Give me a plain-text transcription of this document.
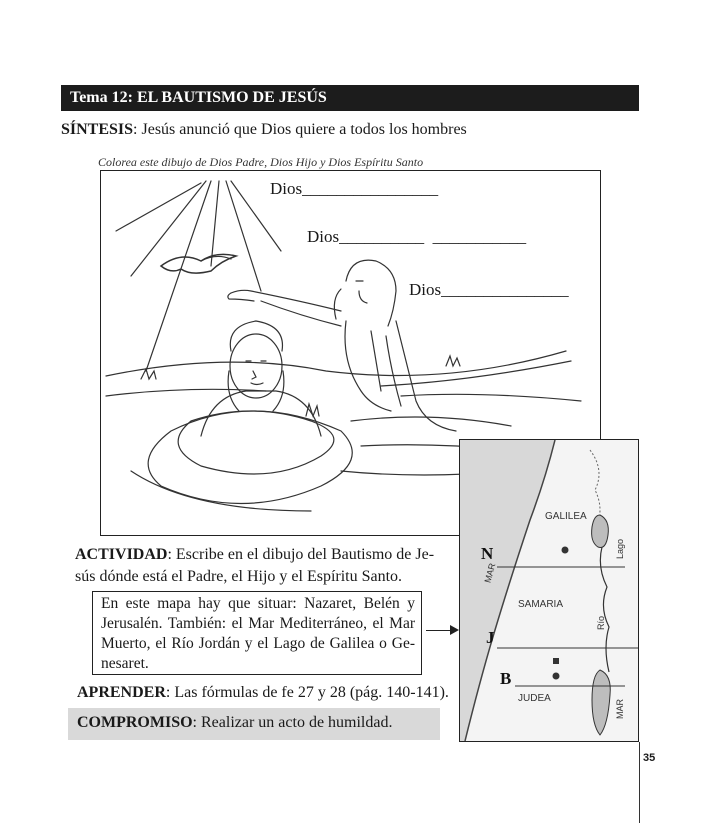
Tema 12: EL BAUTISMO DE JESÚS
SÍNTESIS: Jesús anunció que Dios quiere a todos los hombres
Colorea este dibujo de Dios Padre, Dios Hijo y Dios Espíritu Santo
Dios________________
Dios__________  ___________
Dios_______________
GALILEA
SAMARIA
JUDEA
Lago
Río
MAR
MAR
N
J
B
ACTIVIDAD: Escribe en el dibujo del Bautismo de Je-sús dónde está el Padre, el Hijo y el Espíritu Santo.
En este mapa hay que situar: Nazaret, Belén y Jerusalén. También: el Mar Mediterráneo, el Mar Muerto, el Río Jordán y el Lago de Galilea o Ge-nesaret.
APRENDER: Las fórmulas de fe 27 y 28 (pág. 140-141).
COMPROMISO: Realizar un acto de humildad.
35
